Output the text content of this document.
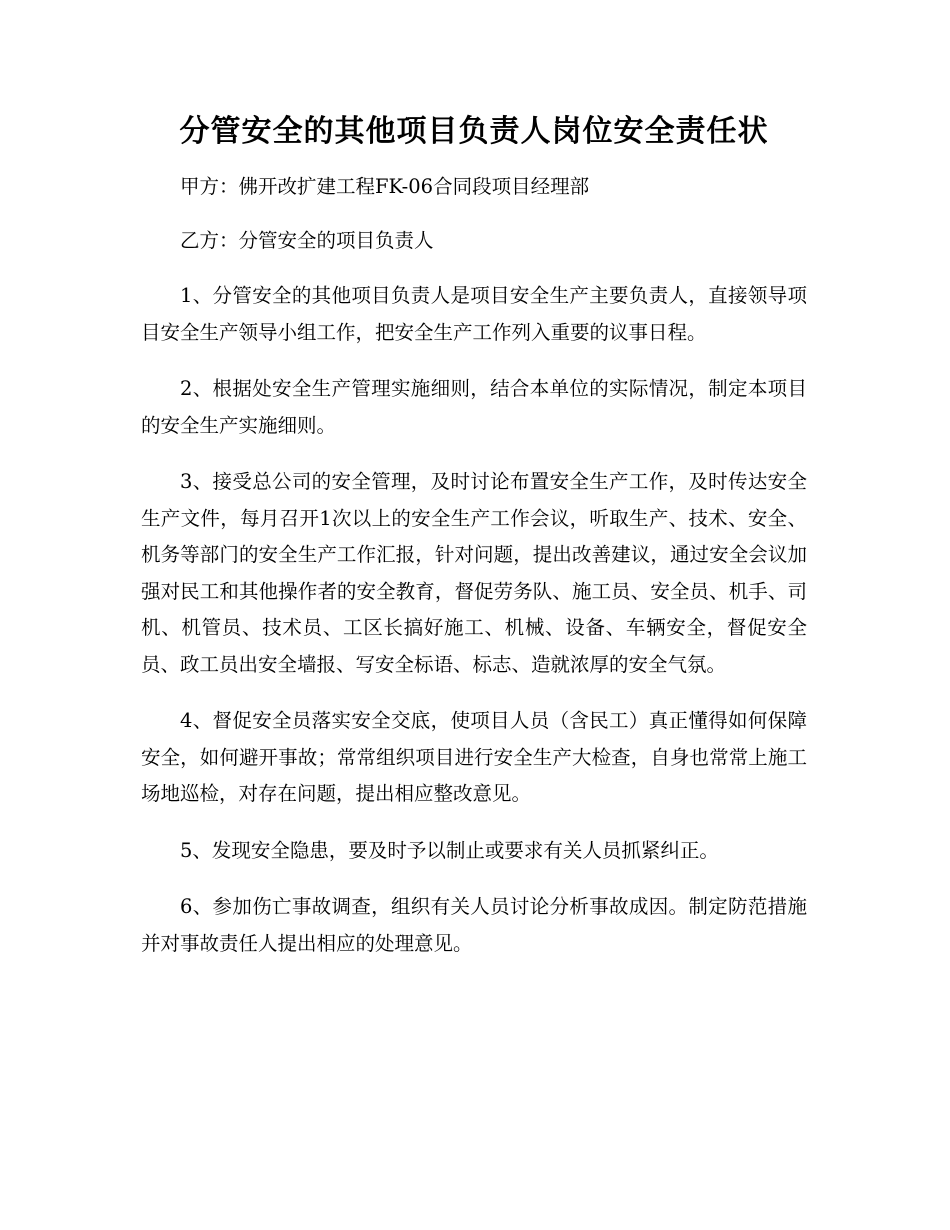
分管安全的其他项目负责人岗位安全责任状

甲方：佛开改扩建工程FK-06合同段项目经理部

乙方：分管安全的项目负责人

1、分管安全的其他项目负责人是项目安全生产主要负责人，直接领导项目安全生产领导小组工作，把安全生产工作列入重要的议事日程。

2、根据处安全生产管理实施细则，结合本单位的实际情况，制定本项目的安全生产实施细则。

3、接受总公司的安全管理，及时讨论布置安全生产工作，及时传达安全生产文件，每月召开1次以上的安全生产工作会议，听取生产、技术、安全、机务等部门的安全生产工作汇报，针对问题，提出改善建议，通过安全会议加强对民工和其他操作者的安全教育，督促劳务队、施工员、安全员、机手、司机、机管员、技术员、工区长搞好施工、机械、设备、车辆安全，督促安全员、政工员出安全墙报、写安全标语、标志、造就浓厚的安全气氛。

4、督促安全员落实安全交底，使项目人员（含民工）真正懂得如何保障安全，如何避开事故；常常组织项目进行安全生产大检查，自身也常常上施工场地巡检，对存在问题，提出相应整改意见。

5、发现安全隐患，要及时予以制止或要求有关人员抓紧纠正。

6、参加伤亡事故调查，组织有关人员讨论分析事故成因。制定防范措施并对事故责任人提出相应的处理意见。
